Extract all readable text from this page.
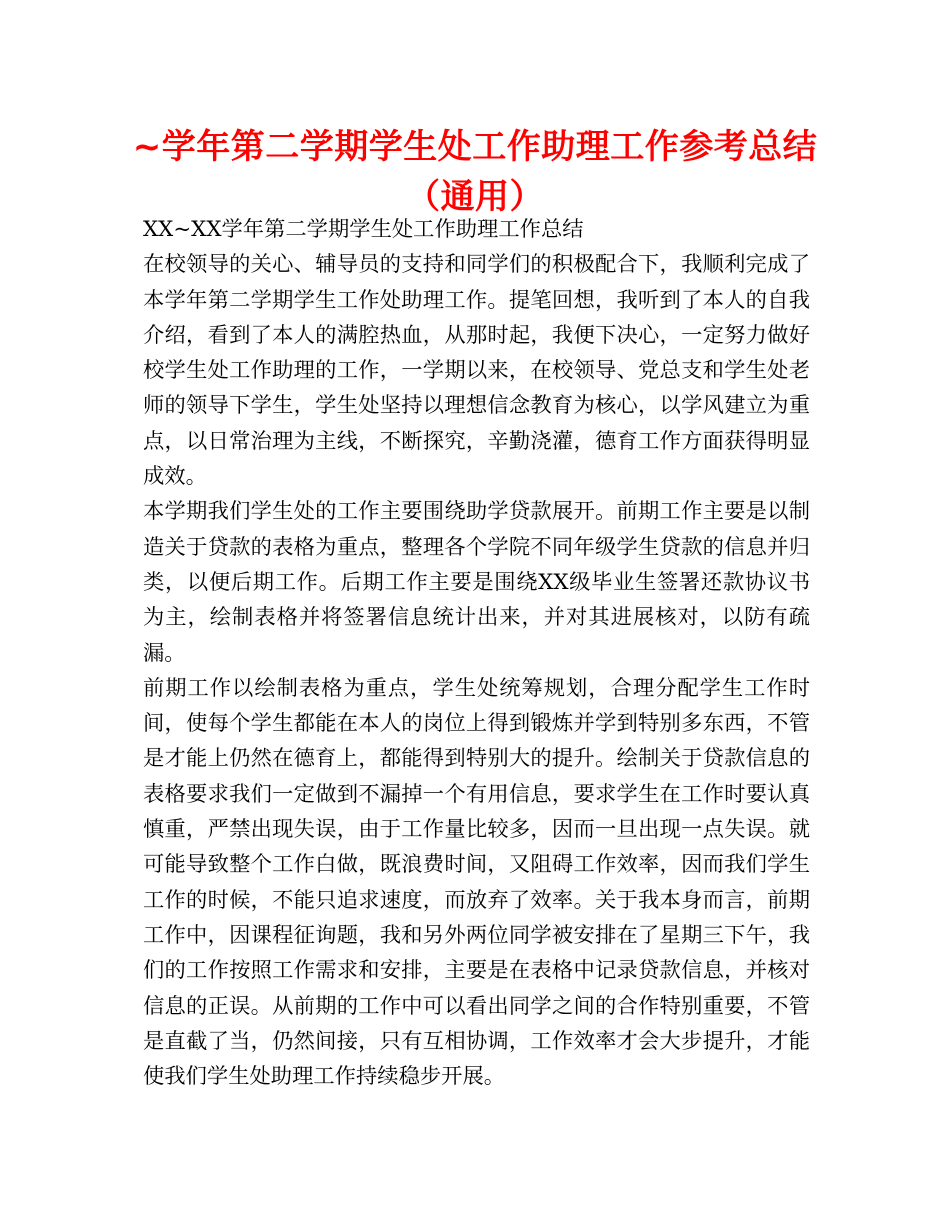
~学年第二学期学生处工作助理工作参考总结（通用）

XX~XX学年第二学期学生处工作助理工作总结

在校领导的关心、辅导员的支持和同学们的积极配合下，我顺利完成了本学年第二学期学生工作处助理工作。提笔回想，我听到了本人的自我介绍，看到了本人的满腔热血，从那时起，我便下决心，一定努力做好校学生处工作助理的工作，一学期以来，在校领导、党总支和学生处老师的领导下学生，学生处坚持以理想信念教育为核心，以学风建立为重点，以日常治理为主线，不断探究，辛勤浇灌，德育工作方面获得明显成效。

本学期我们学生处的工作主要围绕助学贷款展开。前期工作主要是以制造关于贷款的表格为重点，整理各个学院不同年级学生贷款的信息并归类，以便后期工作。后期工作主要是围绕XX级毕业生签署还款协议书为主，绘制表格并将签署信息统计出来，并对其进展核对，以防有疏漏。

前期工作以绘制表格为重点，学生处统筹规划，合理分配学生工作时间，使每个学生都能在本人的岗位上得到锻炼并学到特别多东西，不管是才能上仍然在德育上，都能得到特别大的提升。绘制关于贷款信息的表格要求我们一定做到不漏掉一个有用信息，要求学生在工作时要认真慎重，严禁出现失误，由于工作量比较多，因而一旦出现一点失误。就可能导致整个工作白做，既浪费时间，又阻碍工作效率，因而我们学生工作的时候，不能只追求速度，而放弃了效率。关于我本身而言，前期工作中，因课程征询题，我和另外两位同学被安排在了星期三下午，我们的工作按照工作需求和安排，主要是在表格中记录贷款信息，并核对信息的正误。从前期的工作中可以看出同学之间的合作特别重要，不管是直截了当，仍然间接，只有互相协调，工作效率才会大步提升，才能使我们学生处助理工作持续稳步开展。
